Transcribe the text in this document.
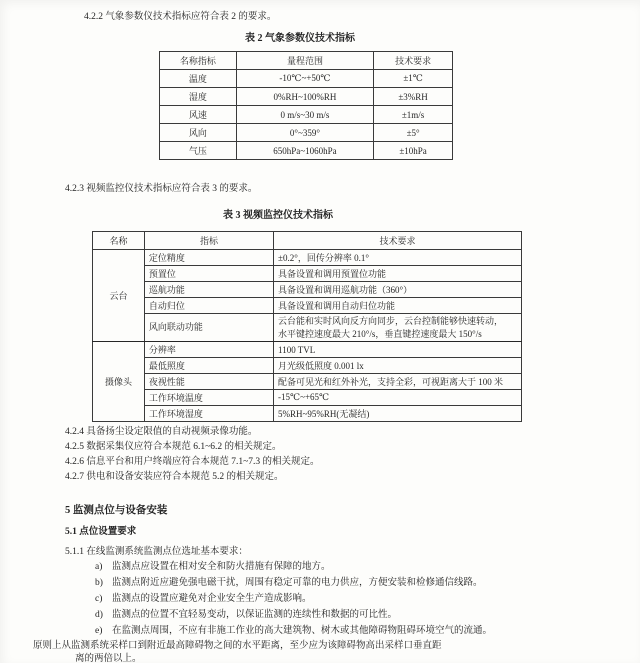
4.2.2 气象参数仪技术指标应符合表 2 的要求。

表 2 气象参数仪技术指标
名称指标	量程范围	技术要求
温度	-10℃~+50℃	±1℃
湿度	0%RH~100%RH	±3%RH
风速	0 m/s~30 m/s	±1m/s
风向	0°~359°	±5°
气压	650hPa~1060hPa	±10hPa

4.2.3 视频监控仪技术指标应符合表 3 的要求。

表 3 视频监控仪技术指标
名称	指标	技术要求
云台	定位精度	±0.2°，回传分辨率 0.1°
	预置位	具备设置和调用预置位功能
	巡航功能	具备设置和调用巡航功能（360°）
	自动归位	具备设置和调用自动归位功能
	风向联动功能	云台能和实时风向反方向同步，云台控制能够快速转动，
水平键控速度最大 210°/s，垂直键控速度最大 150°/s

摄像头	分辨率	1100 TVL
	最低照度	月光级低照度 0.001 lx
	夜视性能	配备可见光和红外补光，支持全彩，可视距离大于 100 米
	工作环境温度	-15℃~+65℃
	工作环境湿度	5%RH~95%RH(无凝结)

4.2.4 具备扬尘设定限值的自动视频录像功能。

4.2.5 数据采集仪应符合本规范 6.1~6.2 的相关规定。

4.2.6 信息平台和用户终端应符合本规范 7.1~7.3 的相关规定。

4.2.7 供电和设备安装应符合本规范 5.2 的相关规定。

5 监测点位与设备安装
5.1 点位设置要求

5.1.1 在线监测系统监测点位选址基本要求：

a) 监测点应设置在相对安全和防火措施有保障的地方。
b) 监测点附近应避免强电磁干扰，周围有稳定可靠的电力供应，方便安装和检修通信线路。
c) 监测点的设置应避免对企业安全生产造成影响。
d) 监测点的位置不宜轻易变动，以保证监测的连续性和数据的可比性。
e) 在监测点周围，不应有非施工作业的高大建筑物、树木或其他障碍物阻碍环境空气的流通。

原则上从监测系统采样口到附近最高障碍物之间的水平距离，至少应为该障碍物高出采样口垂直距

离的两倍以上。
